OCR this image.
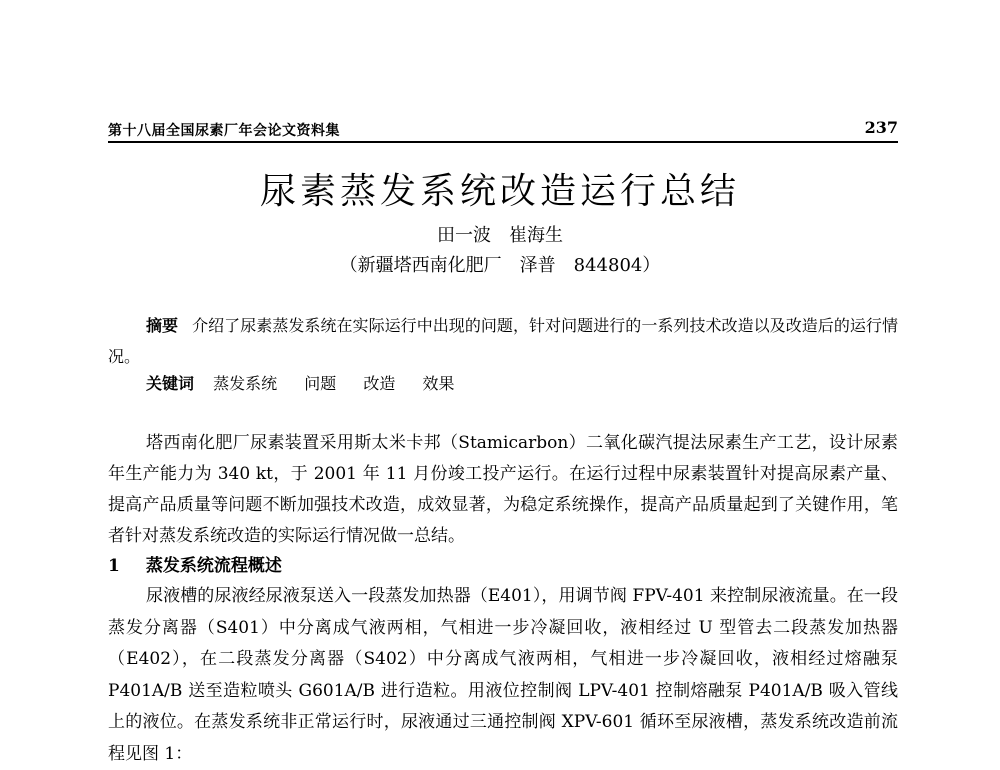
第十八届全国尿素厂年会论文资料集	237
尿素蒸发系统改造运行总结
田一波　崔海生
（新疆塔西南化肥厂　泽普　844804）
摘要 介绍了尿素蒸发系统在实际运行中出现的问题，针对问题进行的一系列技术改造以及改造后的运行情况。
关键词 蒸发系统 问题 改造 效果
塔西南化肥厂尿素装置采用斯太米卡邦（Stamicarbon）二氧化碳汽提法尿素生产工艺，设计尿素年生产能力为 340 kt，于 2001 年 11 月份竣工投产运行。在运行过程中尿素装置针对提高尿素产量、提高产品质量等问题不断加强技术改造，成效显著，为稳定系统操作，提高产品质量起到了关键作用，笔者针对蒸发系统改造的实际运行情况做一总结。
1 蒸发系统流程概述
尿液槽的尿液经尿液泵送入一段蒸发加热器（E401），用调节阀 FPV-401 来控制尿液流量。在一段蒸发分离器（S401）中分离成气液两相，气相进一步冷凝回收，液相经过 U 型管去二段蒸发加热器（E402），在二段蒸发分离器（S402）中分离成气液两相，气相进一步冷凝回收，液相经过熔融泵 P401A/B 送至造粒喷头 G601A/B 进行造粒。用液位控制阀 LPV-401 控制熔融泵 P401A/B 吸入管线上的液位。在蒸发系统非正常运行时，尿液通过三通控制阀 XPV-601 循环至尿液槽，蒸发系统改造前流程见图 1：
